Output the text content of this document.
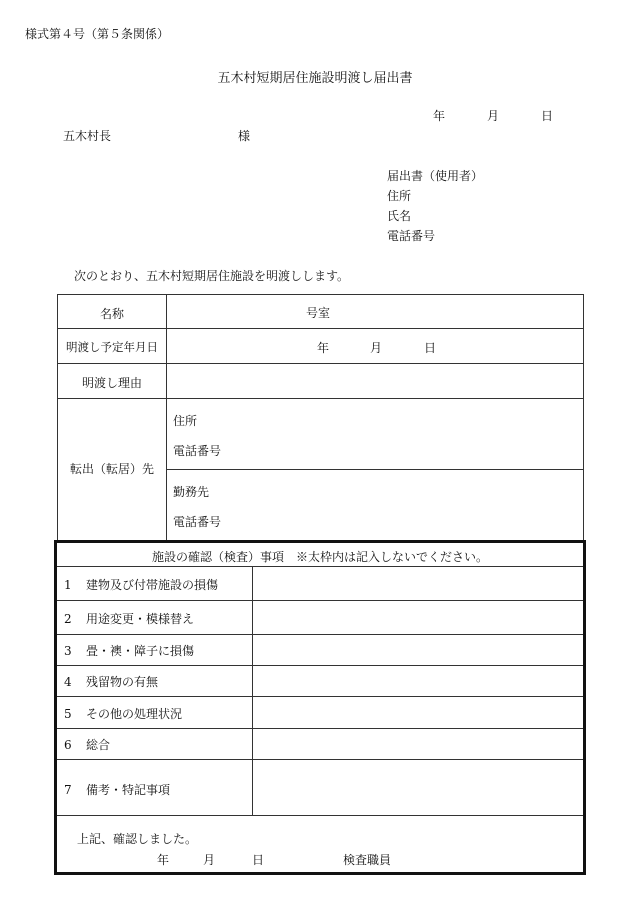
様式第４号（第５条関係）
五木村短期居住施設明渡し届出書
年	月	日
五木村長	様
届出書（使用者）
住所
氏名
電話番号
次のとおり、五木村短期居住施設を明渡しします。
名称	号室
明渡し予定年月日	年	月	日
明渡し理由
転出（転居）先
住所
電話番号
勤務先
電話番号
施設の確認（検査）事項　※太枠内は記入しないでください。
1 建物及び付帯施設の損傷
2 用途変更・模様替え
3 畳・襖・障子に損傷
4 残留物の有無
5 その他の処理状況
6 総合
7 備考・特記事項
上記、確認しました。
年	月	日	検査職員
